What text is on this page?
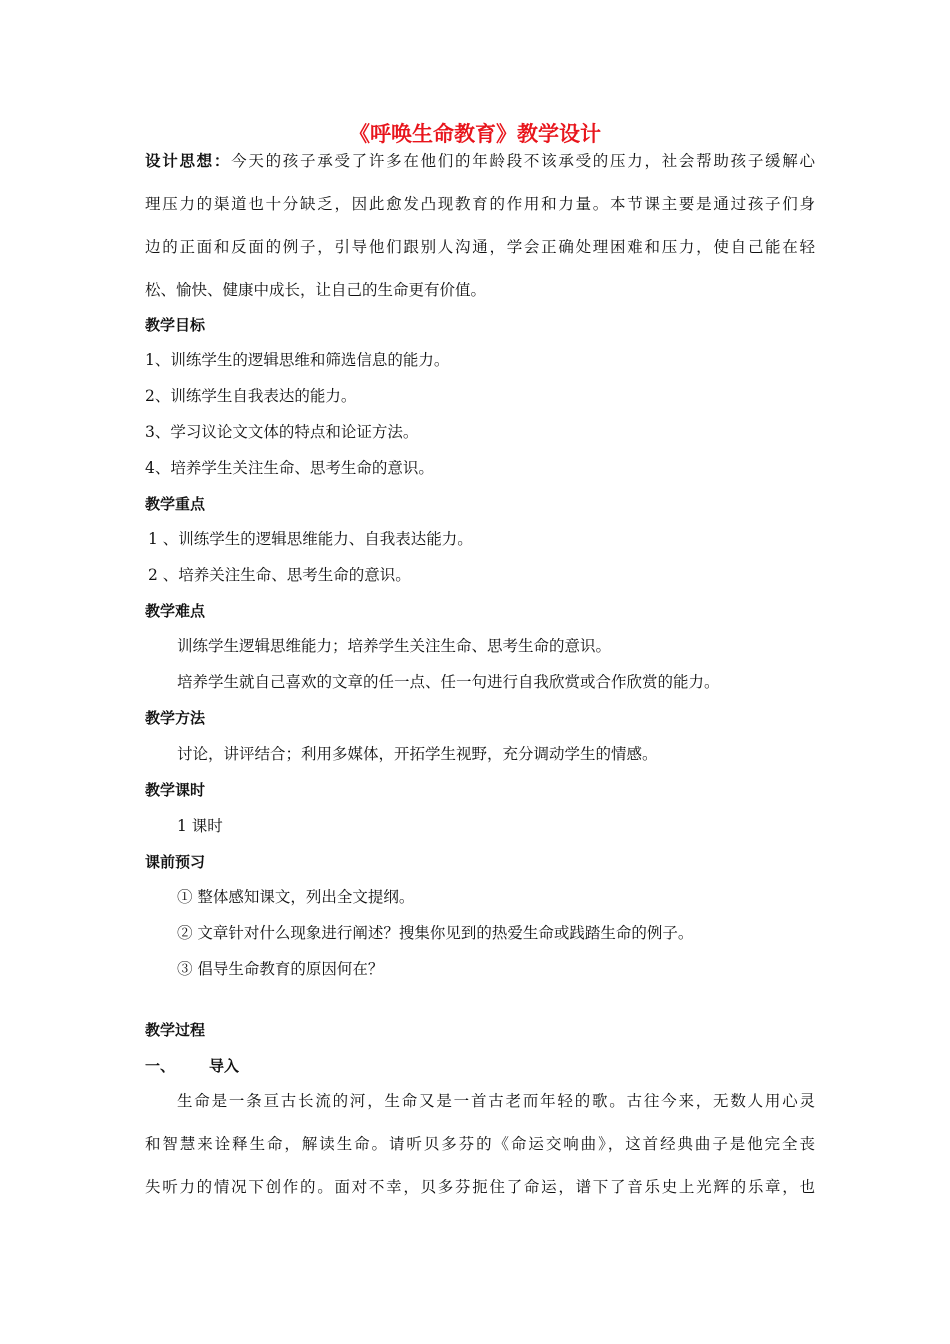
《呼唤生命教育》教学设计
设计思想：今天的孩子承受了许多在他们的年龄段不该承受的压力，社会帮助孩子缓解心
理压力的渠道也十分缺乏，因此愈发凸现教育的作用和力量。本节课主要是通过孩子们身
边的正面和反面的例子，引导他们跟别人沟通，学会正确处理困难和压力，使自己能在轻
松、愉快、健康中成长，让自己的生命更有价值。
教学目标
1、训练学生的逻辑思维和筛选信息的能力。
2、训练学生自我表达的能力。
3、学习议论文文体的特点和论证方法。
4、培养学生关注生命、思考生命的意识。
教学重点
1 、训练学生的逻辑思维能力、自我表达能力。
2 、培养关注生命、思考生命的意识。
教学难点
训练学生逻辑思维能力；培养学生关注生命、思考生命的意识。
培养学生就自己喜欢的文章的任一点、任一句进行自我欣赏或合作欣赏的能力。
教学方法
讨论，讲评结合；利用多媒体，开拓学生视野，充分调动学生的情感。
教学课时
1 课时
课前预习
① 整体感知课文，列出全文提纲。
② 文章针对什么现象进行阐述？搜集你见到的热爱生命或践踏生命的例子。
③ 倡导生命教育的原因何在？
教学过程
一、 导入
生命是一条亘古长流的河，生命又是一首古老而年轻的歌。古往今来，无数人用心灵
和智慧来诠释生命，解读生命。请听贝多芬的《命运交响曲》，这首经典曲子是他完全丧
失听力的情况下创作的。面对不幸，贝多芬扼住了命运，谱下了音乐史上光辉的乐章，也
